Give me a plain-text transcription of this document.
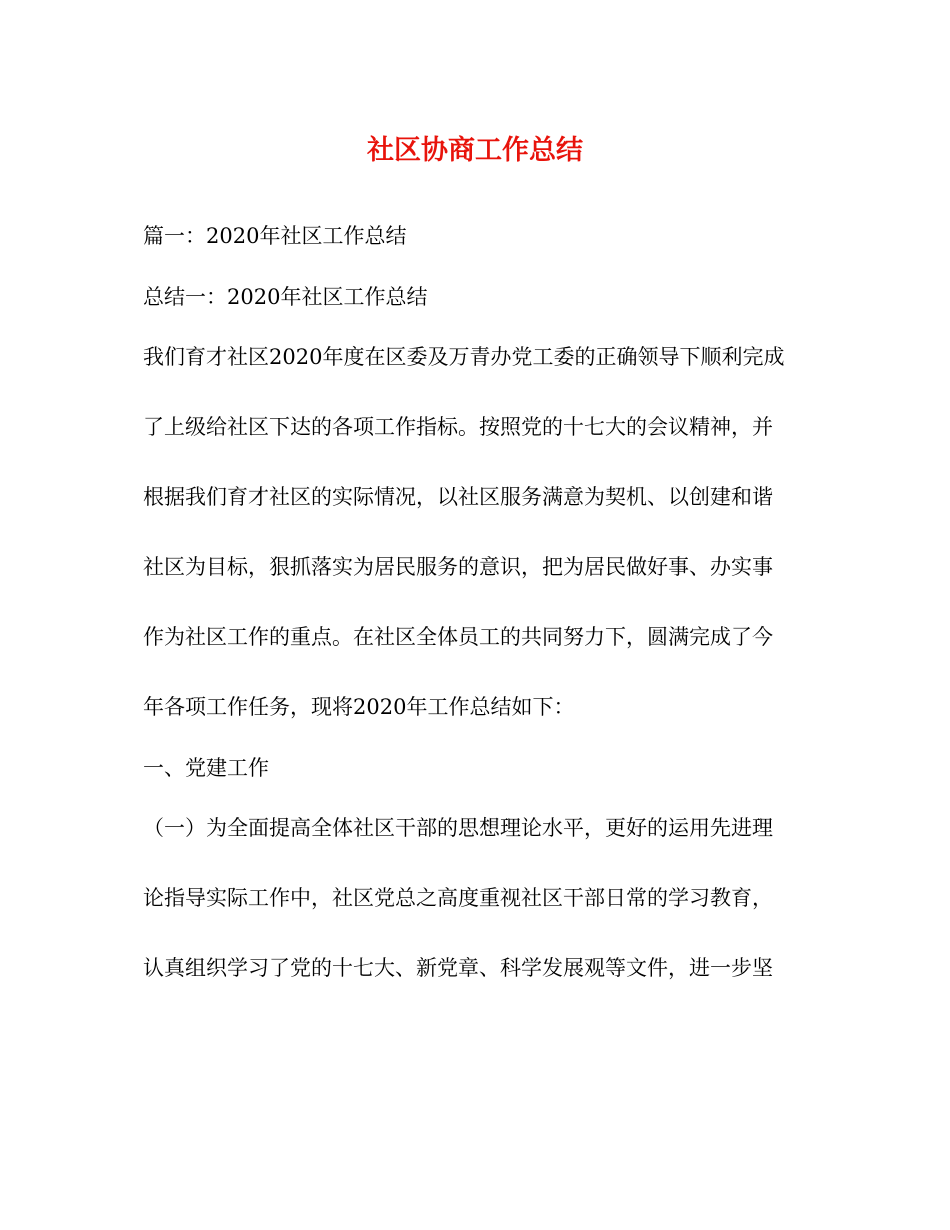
社区协商工作总结

篇一：2020年社区工作总结

总结一：2020年社区工作总结

我们育才社区2020年度在区委及万青办党工委的正确领导下顺利完成

了上级给社区下达的各项工作指标。按照党的十七大的会议精神，并

根据我们育才社区的实际情况，以社区服务满意为契机、以创建和谐

社区为目标，狠抓落实为居民服务的意识，把为居民做好事、办实事

作为社区工作的重点。在社区全体员工的共同努力下，圆满完成了今

年各项工作任务，现将2020年工作总结如下：

一、党建工作

（一）为全面提高全体社区干部的思想理论水平，更好的运用先进理

论指导实际工作中，社区党总之高度重视社区干部日常的学习教育，

认真组织学习了党的十七大、新党章、科学发展观等文件，进一步坚
